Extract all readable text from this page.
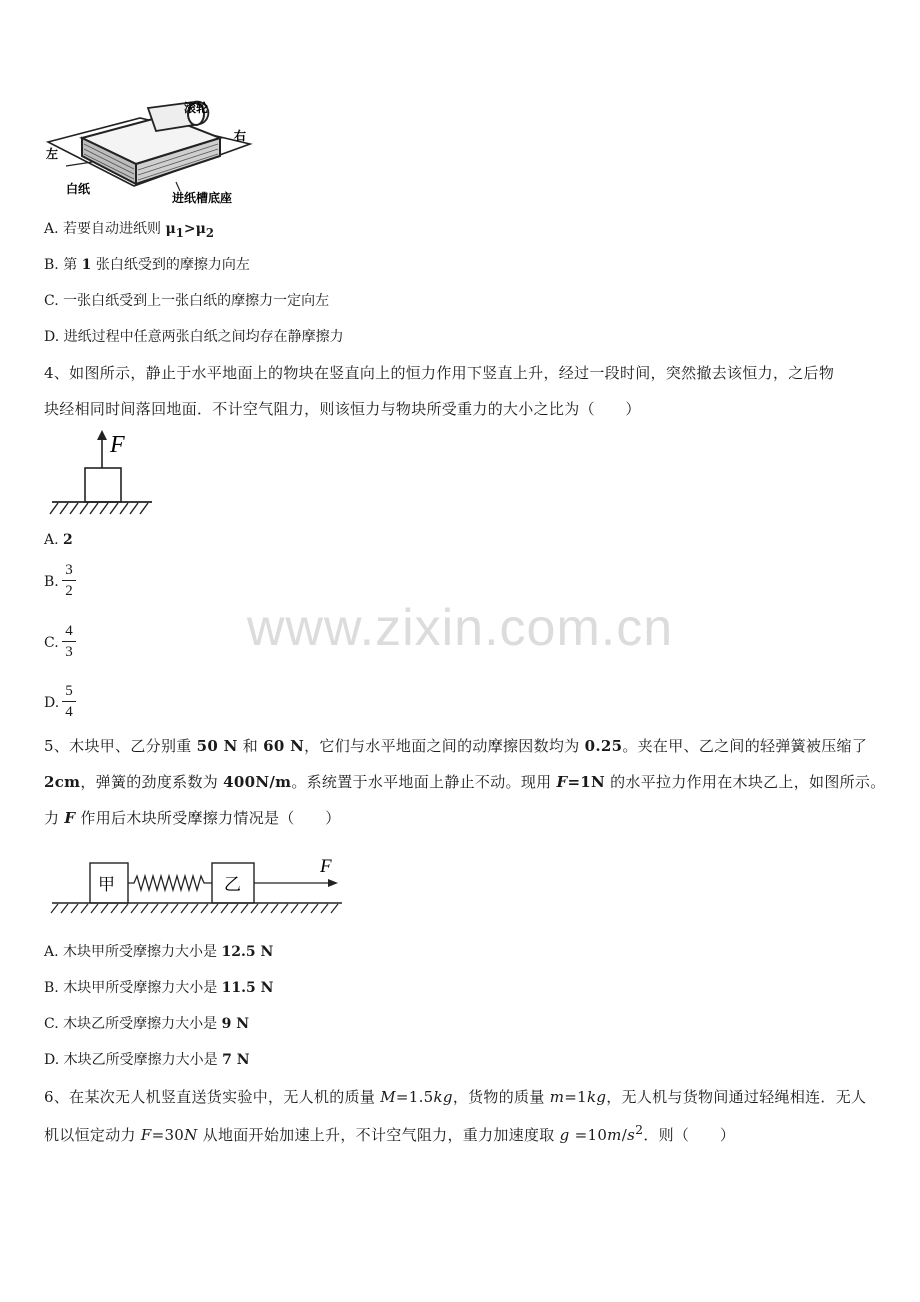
滚轮
左
右
白纸
进纸槽底座
A. 若要自动进纸则 $\mu_1>\mu_2$
B. 第 1 张白纸受到的摩擦力向左
C. 一张白纸受到上一张白纸的摩擦力一定向左
D. 进纸过程中任意两张白纸之间均存在静摩擦力
4、如图所示，静止于水平地面上的物块在竖直向上的恒力作用下竖直上升，经过一段时间，突然撤去该恒力，之后物
块经相同时间落回地面．不计空气阻力，则该恒力与物块所受重力的大小之比为（　　）
F
A. 2
B.
3
2
C.
4
3
D.
5
4
www.zixin.com.cn
5、木块甲、乙分别重 50 N 和 60 N，它们与水平地面之间的动摩擦因数均为 0.25。夹在甲、乙之间的轻弹簧被压缩了
2cm，弹簧的劲度系数为 400N/m。系统置于水平地面上静止不动。现用 F=1N 的水平拉力作用在木块乙上，如图所示。
力 F 作用后木块所受摩擦力情况是（　　）
甲	乙
F
A. 木块甲所受摩擦力大小是 12.5 N
B. 木块甲所受摩擦力大小是 11.5 N
C. 木块乙所受摩擦力大小是 9 N
D. 木块乙所受摩擦力大小是 7 N
6、在某次无人机竖直送货实验中，无人机的质量 M=1.5kg，货物的质量 m=1kg，无人机与货物间通过轻绳相连．无人
机以恒定动力 F=30N 从地面开始加速上升，不计空气阻力，重力加速度取 $g =10m/s^2$．则（　　）
